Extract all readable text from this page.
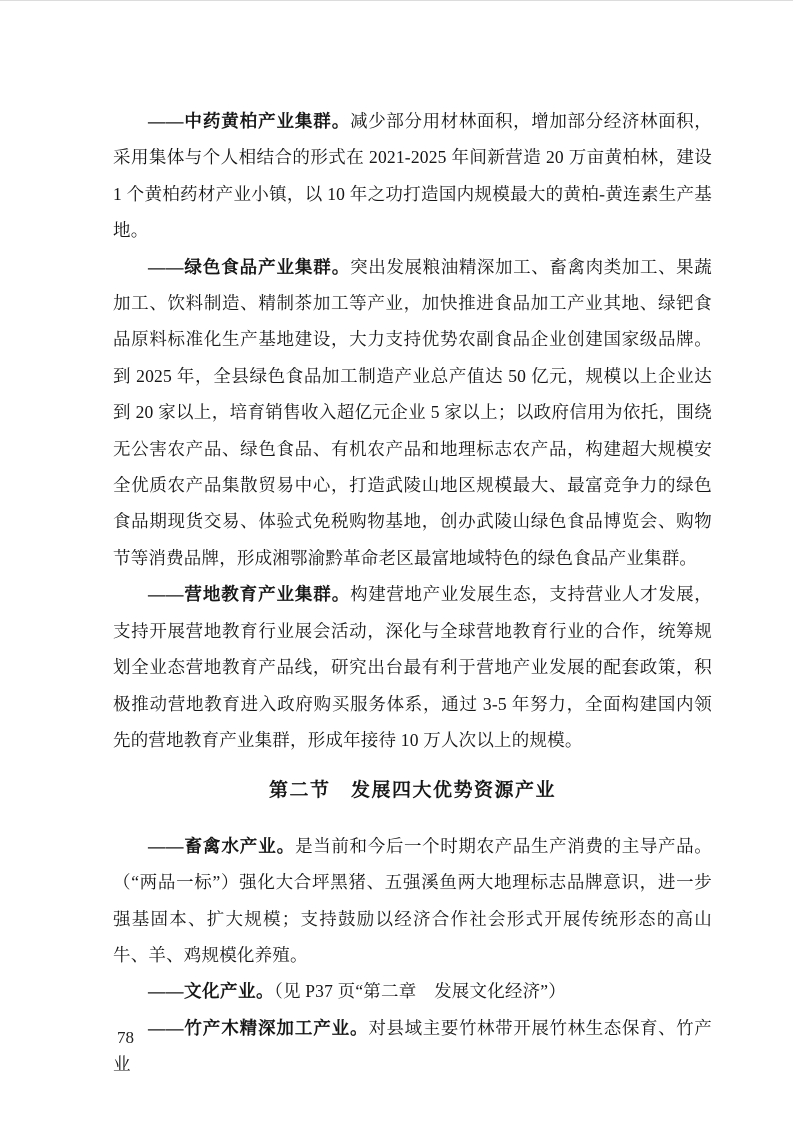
——中药黄柏产业集群。减少部分用材林面积，增加部分经济林面积，采用集体与个人相结合的形式在 2021-2025 年间新营造 20 万亩黄柏林，建设 1 个黄柏药材产业小镇，以 10 年之功打造国内规模最大的黄柏-黄连素生产基地。

——绿色食品产业集群。突出发展粮油精深加工、畜禽肉类加工、果蔬加工、饮料制造、精制茶加工等产业，加快推进食品加工产业其地、绿钯食品原料标准化生产基地建设，大力支持优势农副食品企业创建国家级品牌。到 2025 年，全县绿色食品加工制造产业总产值达 50 亿元，规模以上企业达到 20 家以上，培育销售收入超亿元企业 5 家以上；以政府信用为依托，围绕无公害农产品、绿色食品、有机农产品和地理标志农产品，构建超大规模安全优质农产品集散贸易中心，打造武陵山地区规模最大、最富竞争力的绿色食品期现货交易、体验式免税购物基地，创办武陵山绿色食品博览会、购物节等消费品牌，形成湘鄂渝黔革命老区最富地域特色的绿色食品产业集群。

——营地教育产业集群。构建营地产业发展生态，支持营业人才发展，支持开展营地教育行业展会活动，深化与全球营地教育行业的合作，统筹规划全业态营地教育产品线，研究出台最有利于营地产业发展的配套政策，积极推动营地教育进入政府购买服务体系，通过 3-5 年努力，全面构建国内领先的营地教育产业集群，形成年接待 10 万人次以上的规模。

第二节　发展四大优势资源产业

——畜禽水产业。是当前和今后一个时期农产品生产消费的主导产品。（“两品一标”）强化大合坪黑猪、五强溪鱼两大地理标志品牌意识，进一步强基固本、扩大规模；支持鼓励以经济合作社会形式开展传统形态的高山牛、羊、鸡规模化养殖。

——文化产业。（见 P37 页“第二章　发展文化经济”）

——竹产木精深加工产业。对县域主要竹林带开展竹林生态保育、竹产业

78
